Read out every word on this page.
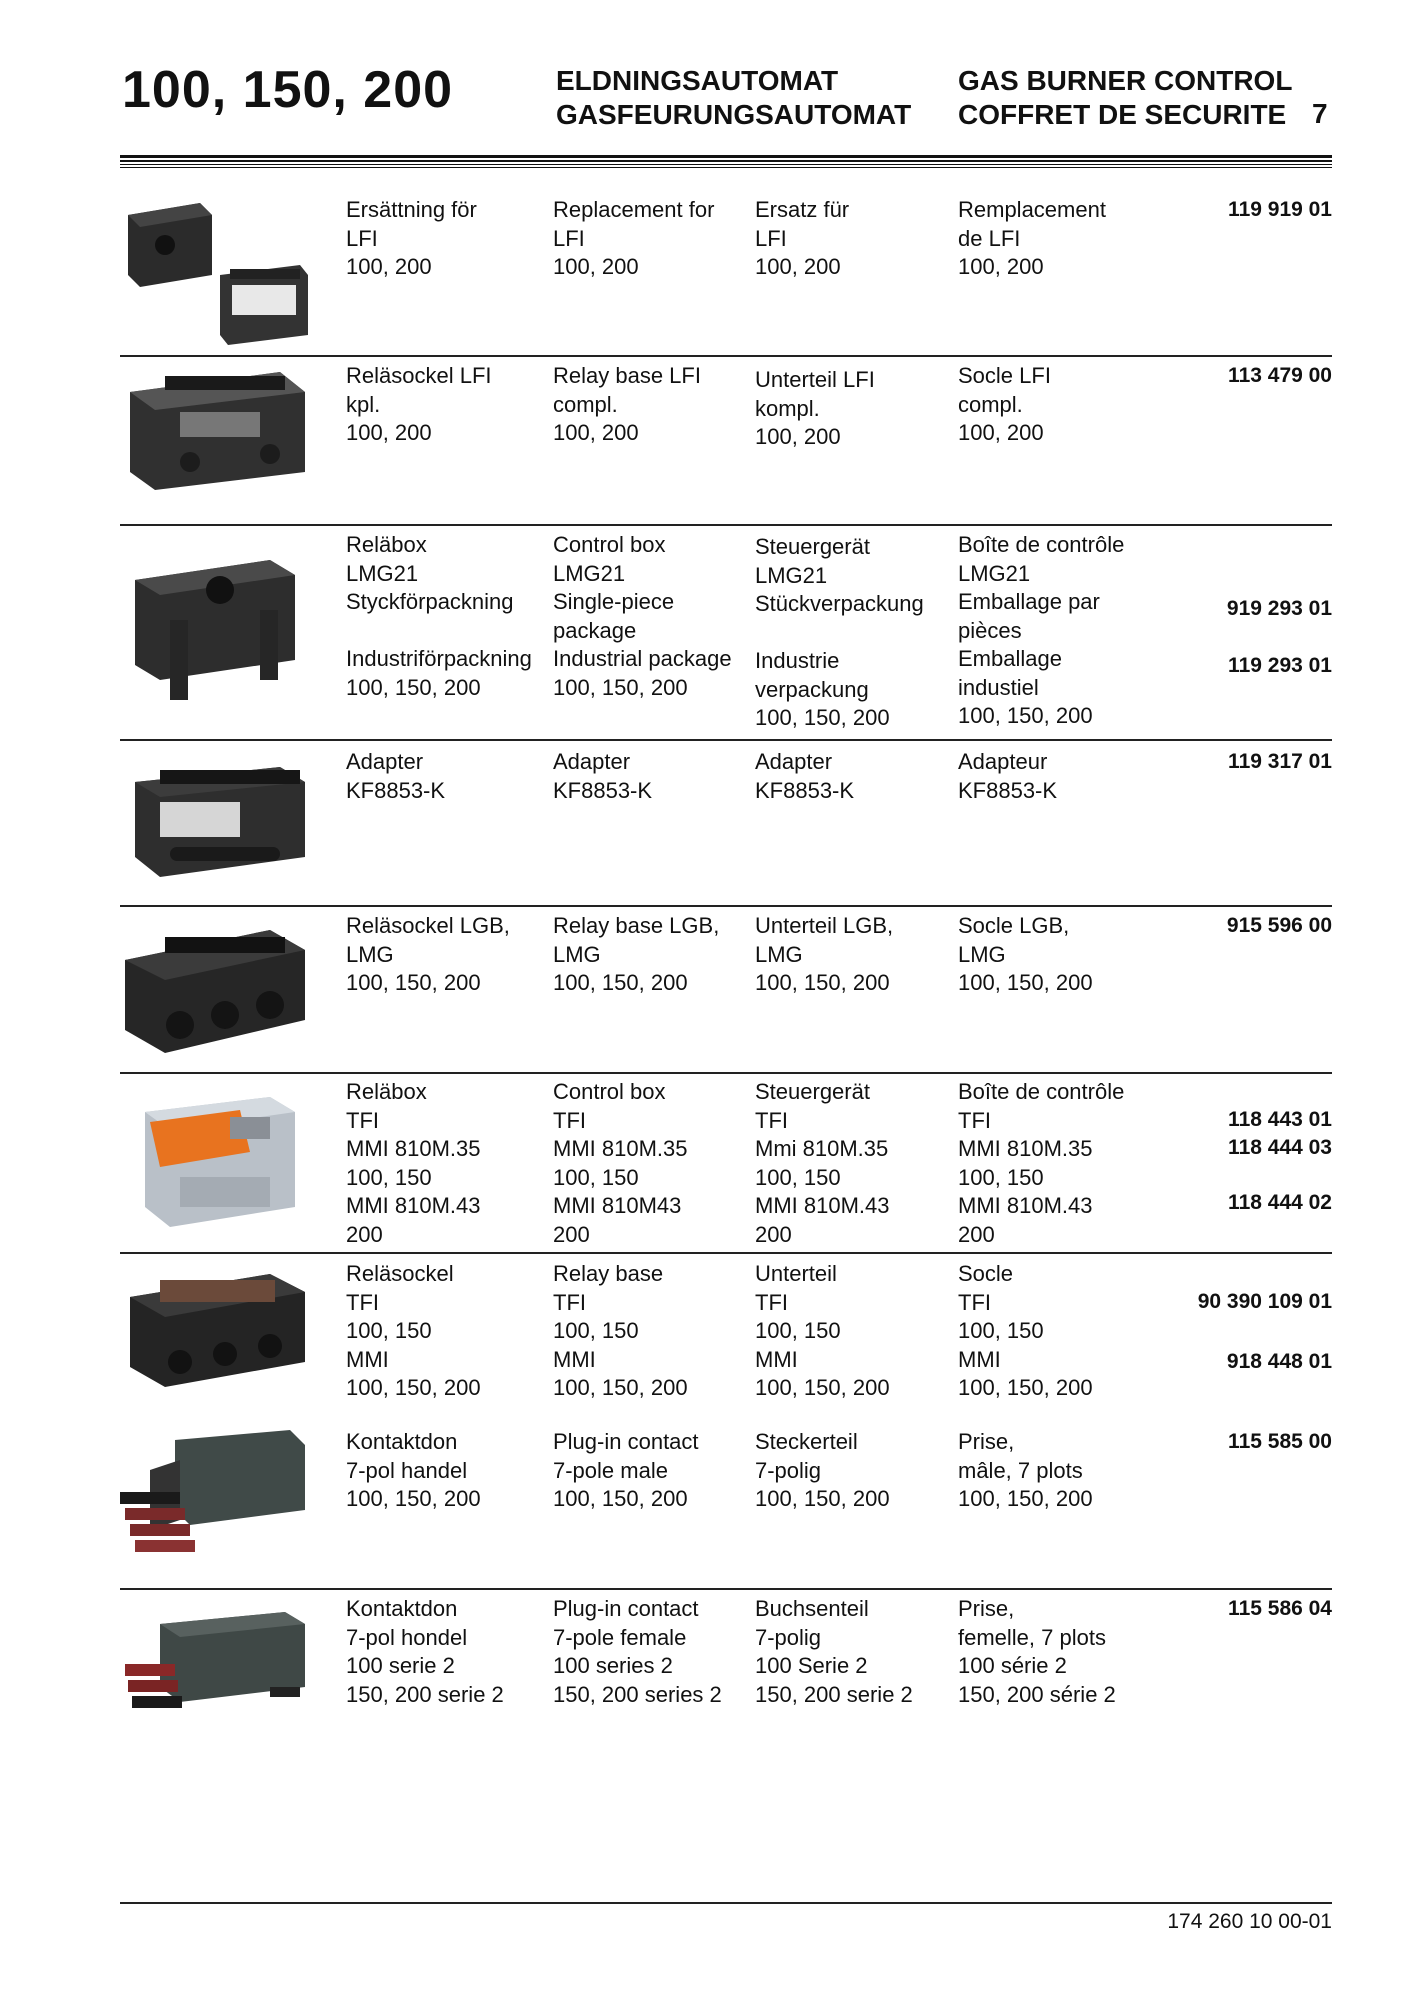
100, 150, 200	ELDNINGSAUTOMAT
GASFEURUNGSAUTOMAT
GAS BURNER CONTROL
COFFRET DE SECURITE 7
Ersättning för
LFI
100, 200
Replacement for
LFI
100, 200
Ersatz für
LFI
100, 200
Remplacement
de LFI
100, 200
119 919 01
Reläsockel LFI
kpl.
100, 200
Relay base LFI
compl.
100, 200
Unterteil LFI
kompl.
100, 200
Socle LFI
compl.
100, 200
113 479 00
Reläbox
LMG21
Styckförpackning

Industriförpackning
100, 150, 200
Control box
LMG21
Single-piece
package
Industrial package
100, 150, 200
Steuergerät
LMG21
Stückverpackung
Industrie
verpackung
100, 150, 200
Boîte de contrôle
LMG21
Emballage par
pièces
Emballage
industiel
100, 150, 200
919 293 01
119 293 01
Adapter
KF8853-K
Adapter
KF8853-K
Adapter
KF8853-K
Adapteur
KF8853-K
119 317 01
Reläsockel LGB,
LMG
100, 150, 200
Relay base LGB,
LMG
100, 150, 200
Unterteil LGB,
LMG
100, 150, 200
Socle LGB,
LMG
100, 150, 200
915 596 00
Reläbox
TFI
MMI 810M.35
100, 150
MMI 810M.43
200
Control box
TFI
MMI 810M.35
100, 150
MMI 810M43
200
Steuergerät
TFI
Mmi 810M.35
100, 150
MMI 810M.43
200
Boîte de contrôle
TFI
MMI 810M.35
100, 150
MMI 810M.43
200
118 443 01
118 444 03
118 444 02
Reläsockel
TFI
100, 150
MMI
100, 150, 200
Relay base
TFI
100, 150
MMI
100, 150, 200
Unterteil
TFI
100, 150
MMI
100, 150, 200
Socle
TFI
100, 150
MMI
100, 150, 200
90 390 109 01
918 448 01
Kontaktdon
7-pol handel
100, 150, 200
Plug-in contact
7-pole male
100, 150, 200
Steckerteil
7-polig
100, 150, 200
Prise,
mâle, 7 plots
100, 150, 200
115 585 00
Kontaktdon
7-pol hondel
100 serie 2
150, 200 serie 2
Plug-in contact
7-pole female
100 series 2
150, 200 series 2
Buchsenteil
7-polig
100 Serie 2
150, 200 serie 2
Prise,
femelle, 7 plots
100 série 2
150, 200 série 2
115 586 04
174 260 10 00-01
